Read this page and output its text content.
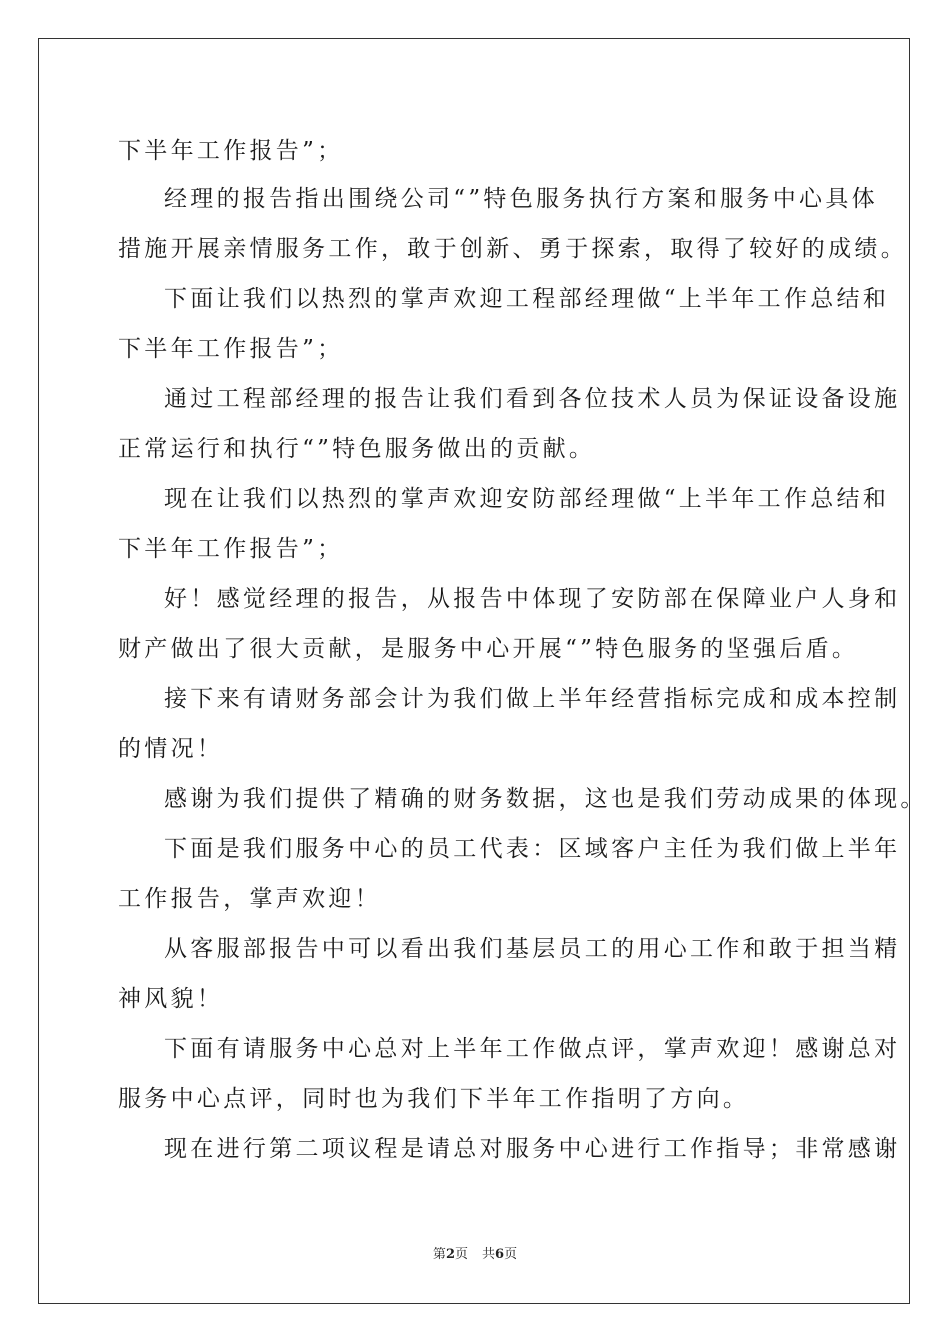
下半年工作报告”；
经理的报告指出围绕公司“”特色服务执行方案和服务中心具体
措施开展亲情服务工作，敢于创新、勇于探索，取得了较好的成绩。
下面让我们以热烈的掌声欢迎工程部经理做“上半年工作总结和
下半年工作报告”；
通过工程部经理的报告让我们看到各位技术人员为保证设备设施
正常运行和执行“”特色服务做出的贡献。
现在让我们以热烈的掌声欢迎安防部经理做“上半年工作总结和
下半年工作报告”；
好！感觉经理的报告，从报告中体现了安防部在保障业户人身和
财产做出了很大贡献，是服务中心开展“”特色服务的坚强后盾。
接下来有请财务部会计为我们做上半年经营指标完成和成本控制
的情况！
感谢为我们提供了精确的财务数据，这也是我们劳动成果的体现。
下面是我们服务中心的员工代表：区域客户主任为我们做上半年
工作报告，掌声欢迎！
从客服部报告中可以看出我们基层员工的用心工作和敢于担当精
神风貌！
下面有请服务中心总对上半年工作做点评，掌声欢迎！感谢总对
服务中心点评，同时也为我们下半年工作指明了方向。
现在进行第二项议程是请总对服务中心进行工作指导；非常感谢
第2页 共6页
